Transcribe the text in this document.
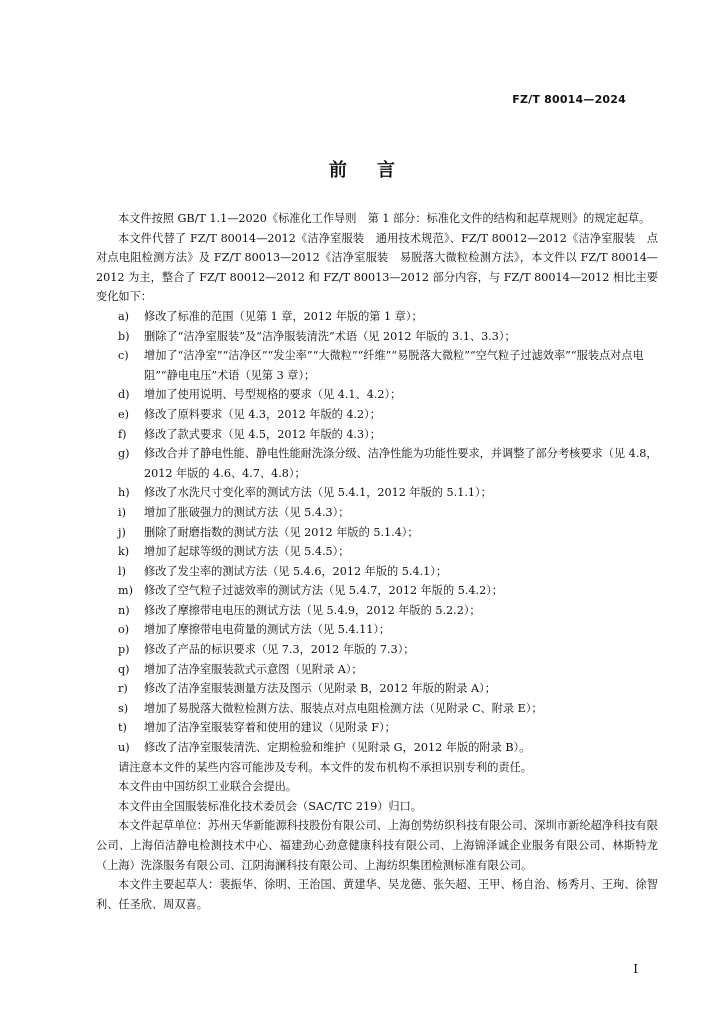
FZ/T 80014—2024
前言

本文件按照 GB/T 1.1—2020《标准化工作导则　第 1 部分：标准化文件的结构和起草规则》的规定起草。

本文件代替了 FZ/T 80014—2012《洁净室服装　通用技术规范》、FZ/T 80012—2012《洁净室服装　点对点电阻检测方法》及 FZ/T 80013—2012《洁净室服装　易脱落大微粒检测方法》，本文件以 FZ/T 80014—2012 为主，整合了 FZ/T 80012—2012 和 FZ/T 80013—2012 部分内容，与 FZ/T 80014—2012 相比主要变化如下：

a)	修改了标准的范围（见第 1 章，2012 年版的第 1 章）；
b)	删除了“洁净室服装”及“洁净服装清洗”术语（见 2012 年版的 3.1、3.3）；
c)	增加了“洁净室”“洁净区”“发尘率”“大微粒”“纤维”“易脱落大微粒”“空气粒子过滤效率”“服装点对点电阻”“静电电压”术语（见第 3 章）；
d)	增加了使用说明、号型规格的要求（见 4.1、4.2）；
e)	修改了原料要求（见 4.3，2012 年版的 4.2）；
f)	修改了款式要求（见 4.5，2012 年版的 4.3）；
g)	修改合并了静电性能、静电性能耐洗涤分级、洁净性能为功能性要求，并调整了部分考核要求（见 4.8，2012 年版的 4.6、4.7、4.8）；
h)	修改了水洗尺寸变化率的测试方法（见 5.4.1，2012 年版的 5.1.1）；
i)	增加了胀破强力的测试方法（见 5.4.3）；
j)	删除了耐磨指数的测试方法（见 2012 年版的 5.1.4）；
k)	增加了起球等级的测试方法（见 5.4.5）；
l)	修改了发尘率的测试方法（见 5.4.6，2012 年版的 5.4.1）；
m) 修改了空气粒子过滤效率的测试方法（见 5.4.7，2012 年版的 5.4.2）；
n)	修改了摩擦带电电压的测试方法（见 5.4.9，2012 年版的 5.2.2）；
o)	增加了摩擦带电电荷量的测试方法（见 5.4.11）；
p)	修改了产品的标识要求（见 7.3，2012 年版的 7.3）；
q)	增加了洁净室服装款式示意图（见附录 A）；
r)	修改了洁净室服装测量方法及图示（见附录 B，2012 年版的附录 A）；
s)	增加了易脱落大微粒检测方法、服装点对点电阻检测方法（见附录 C、附录 E）；
t)	增加了洁净室服装穿着和使用的建议（见附录 F）；
u)	修改了洁净室服装清洗、定期检验和维护（见附录 G，2012 年版的附录 B）。

请注意本文件的某些内容可能涉及专利。本文件的发布机构不承担识别专利的责任。

本文件由中国纺织工业联合会提出。

本文件由全国服装标准化技术委员会（SAC/TC 219）归口。

本文件起草单位：苏州天华新能源科技股份有限公司、上海创势纺织科技有限公司、深圳市新纶超净科技有限公司、上海佰洁静电检测技术中心、福建劲心劲意健康科技有限公司、上海锦泽诚企业服务有限公司、林斯特龙（上海）洗涤服务有限公司、江阴海澜科技有限公司、上海纺织集团检测标准有限公司。

本文件主要起草人：裴振华、徐明、王治国、黄建华、吴龙德、张矢超、王甲、杨自治、杨秀月、王珣、徐智利、任圣欣、周双喜。

I
